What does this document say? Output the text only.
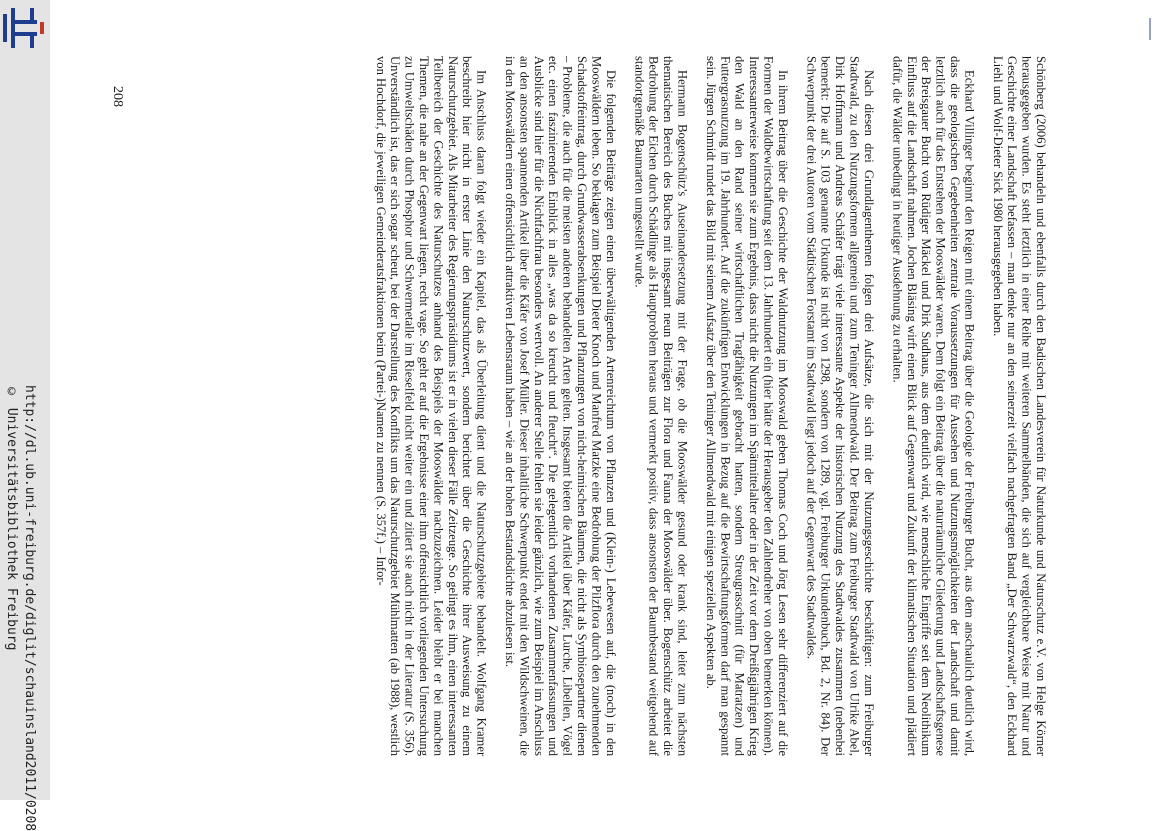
http://dl.ub.uni-freiburg.de/diglit/schauinsland2011/0208
© Universitätsbibliothek Freiburg
208	Schönberg (2006) behandeln und ebenfalls durch den Badischen Landesverein für Naturkunde und Naturschutz e.V. von Helge Körner herausgegeben wurden. Es steht letztlich in einer Reihe mit weiteren Sammelbänden, die sich auf vergleichbare Weise mit Natur und Geschichte einer Landschaft befassen – man denke nur an den seinerzeit vielfach nachgefragten Band „Der Schwarzwald“, den Eckhard Liehl und Wolf-Dieter Sick 1980 herausgegeben haben.

Eckhard Villinger beginnt den Reigen mit einem Beitrag über die Geologie der Freiburger Bucht, aus dem anschaulich deutlich wird, dass die geologischen Gegebenheiten zentrale Voraussetzungen für Aussehen und Nutzungsmöglichkeiten der Landschaft und damit letztlich auch für das Entstehen der Mooswälder waren. Dem folgt ein Beitrag über die naturräumliche Gliederung und Landschaftsgenese der Breisgauer Bucht von Rüdiger Mäckel und Dirk Sudhaus, aus dem deutlich wird, wie menschliche Eingriffe seit dem Neolithikum Einfluss auf die Landschaft nahmen. Jochen Bläsing wirft einen Blick auf Gegenwart und Zukunft der klimatischen Situation und plädiert dafür, die Wälder unbedingt in heutiger Ausdehnung zu erhalten.

Nach diesen drei Grundlagenthemen folgen drei Aufsätze, die sich mit der Nutzungsgeschichte beschäftigen: zum Freiburger Stadtwald, zu den Nutzungsformen allgemein und zum Teninger Allmendwald. Der Beitrag zum Freiburger Stadtwald von Ulrike Abel, Dirk Hoffmann und Andreas Schäfer trägt viele interessante Aspekte der historischen Nutzung des Stadtwaldes zusammen (nebenbei bemerkt: Die auf S. 103 genannte Urkunde ist nicht von 1298, sondern von 1289, vgl. Freiburger Urkundenbuch, Bd. 2, Nr. 84). Der Schwerpunkt der drei Autoren vom Städtischen Forstamt im Stadtwald liegt jedoch auf der Gegenwart des Stadtwaldes.

In ihrem Beitrag über die Geschichte der Waldnutzung im Mooswald geben Thomas Coch und Jörg Lesen sehr differenziert auf die Formen der Waldbewirtschaftung seit dem 13. Jahrhundert ein (hier hätte der Herausgeber den Zahlendreher von oben bemerken können). Interessanterweise kommen sie zum Ergebnis, dass nicht die Nutzungen im Spätmittelalter oder in der Zeit vor dem Dreißigjährigen Krieg den Wald an den Rand seiner wirtschaftlichen Tragfähigkeit gebracht hatten, sondern Streugrasschnitt (für Matratzen) und Futtergrasnutzung im 19. Jahrhundert. Auf die zukünftigen Entwicklungen in Bezug auf die Bewirtschaftungsformen darf man gespannt sein. Jürgen Schmidt rundet das Bild mit seinem Aufsatz über den Teninger Allmendwald mit einigen speziellen Aspekten ab.

Hermann Bogenschütz's Auseinandersetzung mit der Frage, ob die Mooswälder gesund oder krank sind, leitet zum nächsten thematischen Bereich des Buches mit insgesamt neun Beiträgen zur Flora und Fauna der Mooswälder über. Bogenschütz arbeitet die Bedrohung der Eichen durch Schädlinge als Hauptproblem heraus und vermerkt positiv, dass ansonsten der Baumbestand weitgehend auf standortgemäße Baumarten umgestellt wurde.

Die folgenden Beiträge zeigen einen überwältigenden Artenreichtum von Pflanzen und (Klein-) Lebewesen auf, die (noch) in den Mooswäldern leben. So beklagen zum Beispiel Dieter Knoch und Manfred Matzke eine Bedrohung der Pilzflora durch den zunehmenden Schadstoffeintrag, durch Grundwasserabsenkungen und Pflanzungen von nicht-heimischen Bäumen, die nicht als Symbiosepartner dienen – Probleme, die auch für die meisten anderen behandelten Arten gelten. Insgesamt bieten die Artikel über Käfer, Lurche, Libellen, Vögel etc. einen faszinierenden Einblick in alles „was da so kreucht und fleucht“. Die gelegentlich vorhandenen Zusammenfassungen und Ausblicke sind hier für die Nichtfachfrau besonders wertvoll. An anderer Stelle fehlen sie leider gänzlich, wie zum Beispiel im Anschluss an den ansonsten spannenden Artikel über die Käfer von Josef Müller. Dieser inhaltliche Schwerpunkt endet mit den Wildschweinen, die in den Mooswäldern einen offensichtlich attraktiven Lebensraum haben – wie an der hohen Bestandsdichte abzulesen ist.

Im Anschluss daran folgt wieder ein Kapitel, das als Überleitung dient und die Naturschutzgebiete behandelt. Wolfgang Kramer beschreibt hier nicht in erster Linie den Naturschutzwert, sondern berichtet über die Geschichte ihrer Ausweisung zu einem Naturschutzgebiet. Als Mitarbeiter des Regierungspräsidiums ist er in vielen dieser Fälle Zeitzeuge. So gelingt es ihm, einen interessanten Teilbereich der Geschichte des Naturschutzes anhand des Beispiels der Mooswälder nachzuzeichnen. Leider bleibt er bei manchen Themen, die nahe an der Gegenwart liegen, recht vage. So geht er auf die Ergebnisse einer ihm offensichtlich vorliegenden Untersuchung zu Umweltschäden durch Phosphor und Schwermetalle im Rieselfeld nicht weiter ein und zitiert sie auch nicht in der Literatur (S. 356). Unverständlich ist, das er sich sogar scheut, bei der Darstellung des Konflikts um das Naturschutzgebiet Mühlmatten (ab 1988), westlich von Hochdorf, die jeweiligen Gemeinderatsfraktionen beim (Partei-)Namen zu nennen (S. 357f.) – Infor-
